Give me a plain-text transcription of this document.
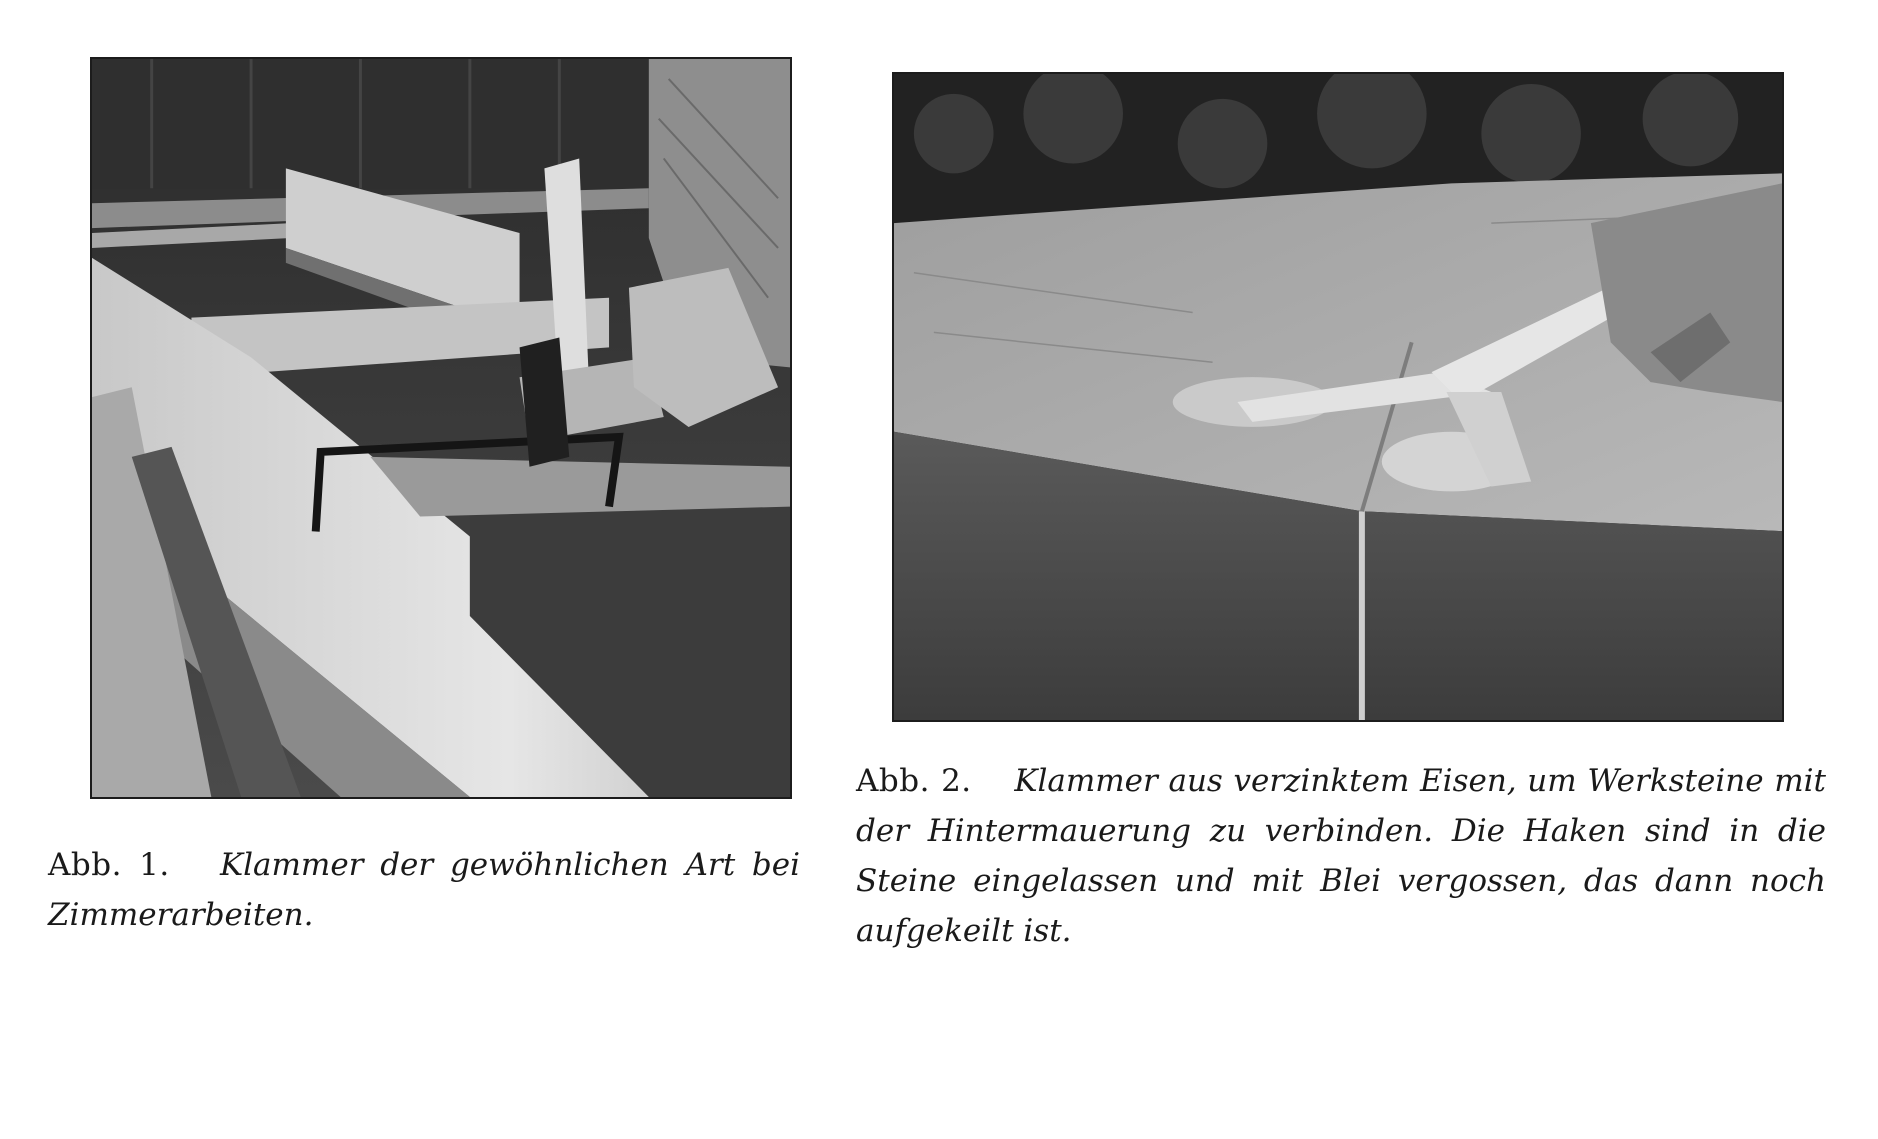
Abb. 1. Klammer der gewöhnlichen Art bei Zimmerarbeiten.
Abb. 2. Klammer aus verzinktem Eisen, um Werksteine mit der Hintermauerung zu verbinden. Die Haken sind in die Steine eingelassen und mit Blei vergossen, das dann noch aufgekeilt ist.
